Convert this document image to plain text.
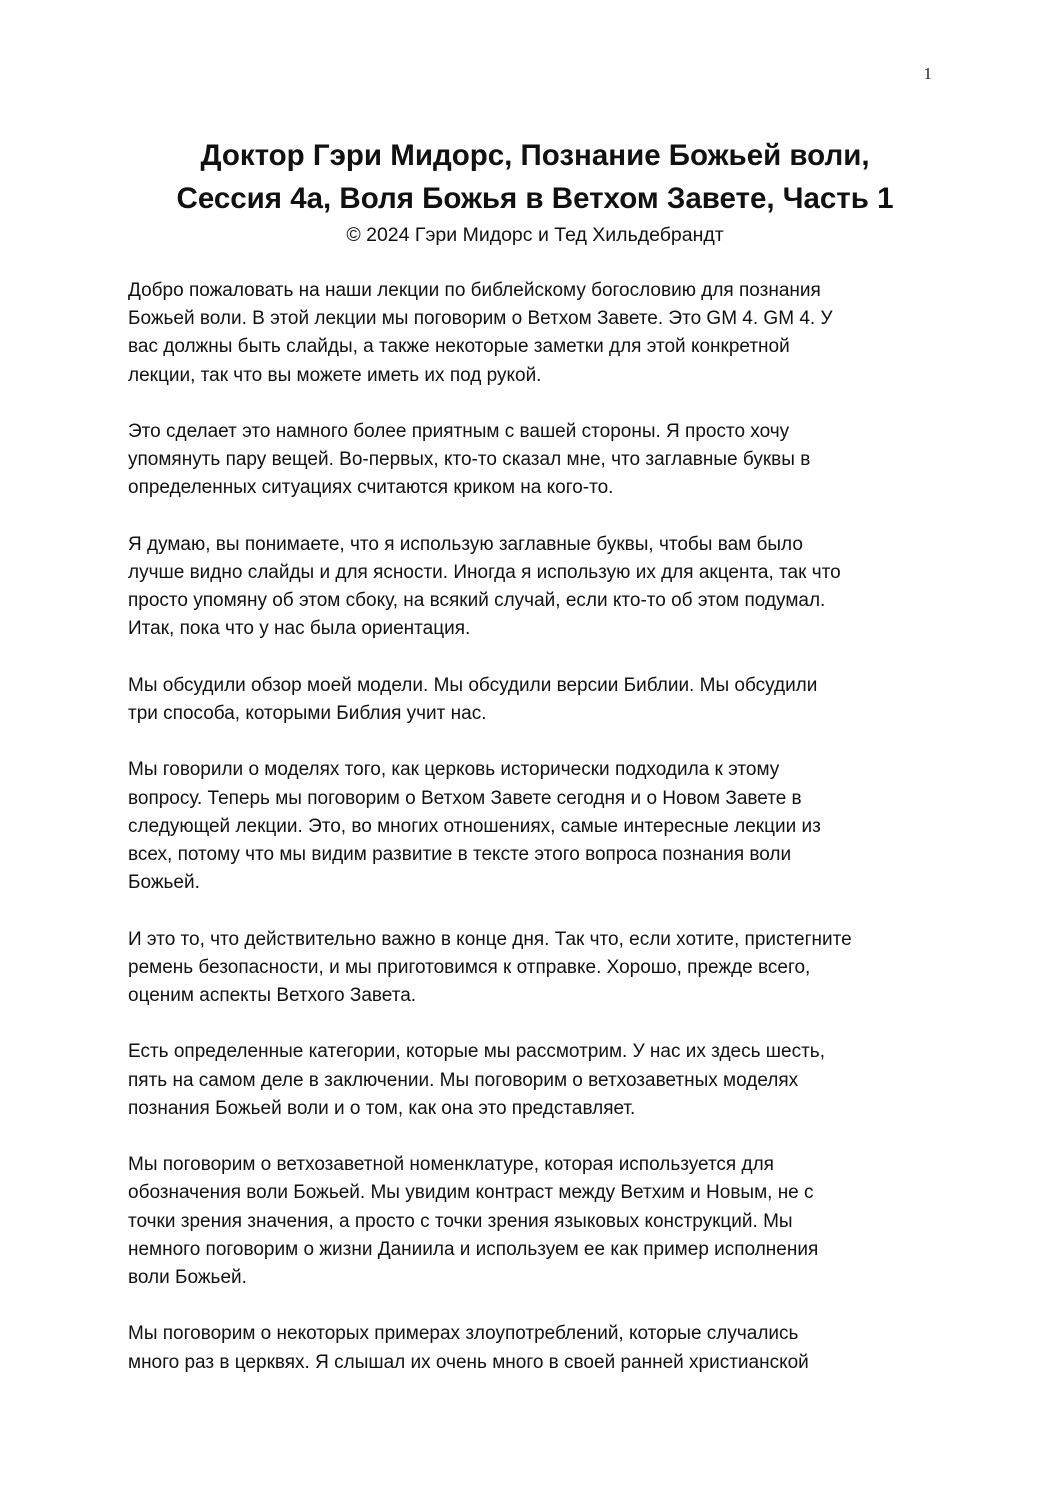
1
Доктор Гэри Мидорс, Познание Божьей воли,
Сессия 4а, Воля Божья в Ветхом Завете, Часть 1
© 2024 Гэри Мидорс и Тед Хильдебрандт

Добро пожаловать на наши лекции по библейскому богословию для познания
Божьей воли. В этой лекции мы поговорим о Ветхом Завете. Это GM 4. GM 4. У
вас должны быть слайды, а также некоторые заметки для этой конкретной
лекции, так что вы можете иметь их под рукой.

Это сделает это намного более приятным с вашей стороны. Я просто хочу
упомянуть пару вещей. Во-первых, кто-то сказал мне, что заглавные буквы в
определенных ситуациях считаются криком на кого-то.

Я думаю, вы понимаете, что я использую заглавные буквы, чтобы вам было
лучше видно слайды и для ясности. Иногда я использую их для акцента, так что
просто упомяну об этом сбоку, на всякий случай, если кто-то об этом подумал.
Итак, пока что у нас была ориентация.

Мы обсудили обзор моей модели. Мы обсудили версии Библии. Мы обсудили
три способа, которыми Библия учит нас.

Мы говорили о моделях того, как церковь исторически подходила к этому
вопросу. Теперь мы поговорим о Ветхом Завете сегодня и о Новом Завете в
следующей лекции. Это, во многих отношениях, самые интересные лекции из
всех, потому что мы видим развитие в тексте этого вопроса познания воли
Божьей.

И это то, что действительно важно в конце дня. Так что, если хотите, пристегните
ремень безопасности, и мы приготовимся к отправке. Хорошо, прежде всего,
оценим аспекты Ветхого Завета.

Есть определенные категории, которые мы рассмотрим. У нас их здесь шесть,
пять на самом деле в заключении. Мы поговорим о ветхозаветных моделях
познания Божьей воли и о том, как она это представляет.

Мы поговорим о ветхозаветной номенклатуре, которая используется для
обозначения воли Божьей. Мы увидим контраст между Ветхим и Новым, не с
точки зрения значения, а просто с точки зрения языковых конструкций. Мы
немного поговорим о жизни Даниила и используем ее как пример исполнения
воли Божьей.

Мы поговорим о некоторых примерах злоупотреблений, которые случались
много раз в церквях. Я слышал их очень много в своей ранней христианской
